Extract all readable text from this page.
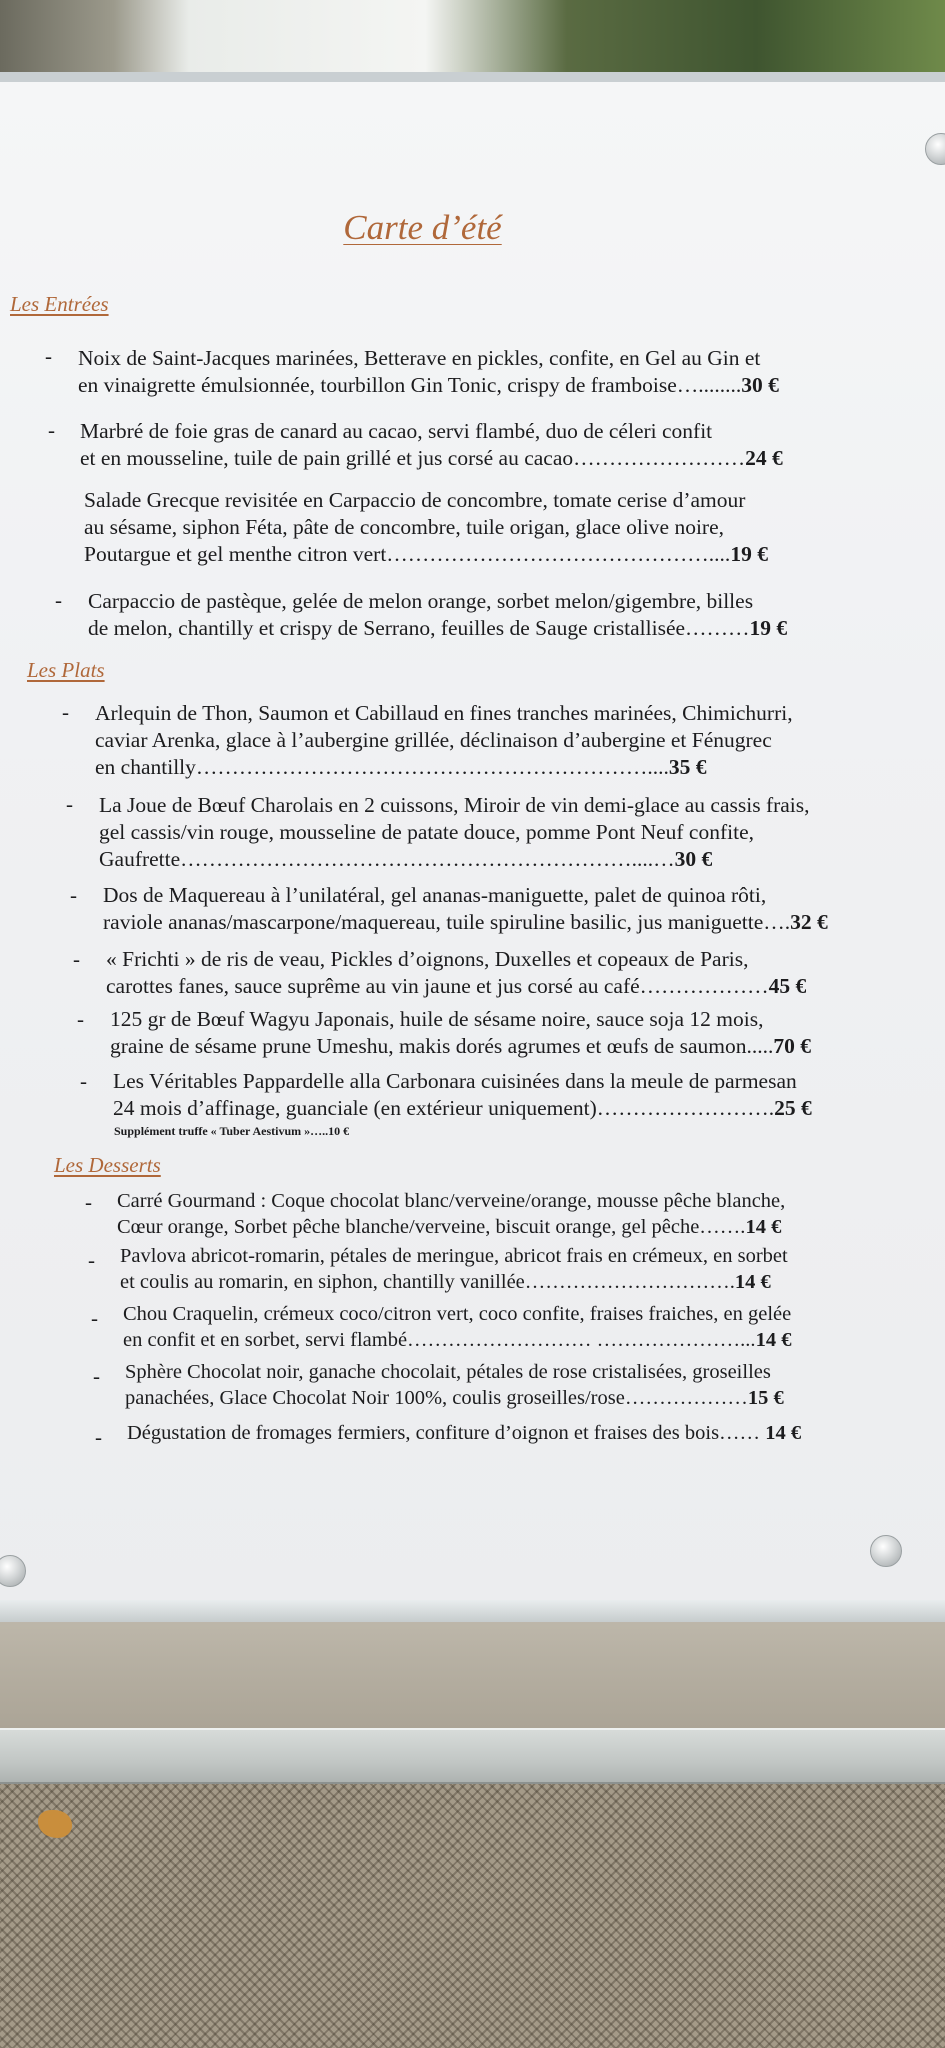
Carte d’été
Les Entrées
Les Plats
Les Desserts
- Noix de Saint-Jacques marinées, Betterave en pickles, confite, en Gel au Gin et
en vinaigrette émulsionnée, tourbillon Gin Tonic, crispy de framboise…........30 €
- Marbré de foie gras de canard au cacao, servi flambé, duo de céleri confit
et en mousseline, tuile de pain grillé et jus corsé au cacao……………………24 €
Salade Grecque revisitée en Carpaccio de concombre, tomate cerise d’amour
au sésame, siphon Féta, pâte de concombre, tuile origan, glace olive noire,
Poutargue et gel menthe citron vert………………………………………....19 €
- Carpaccio de pastèque, gelée de melon orange, sorbet melon/gigembre, billes
de melon, chantilly et crispy de Serrano, feuilles de Sauge cristallisée………19 €
- Arlequin de Thon, Saumon et Cabillaud en fines tranches marinées, Chimichurri,
caviar Arenka, glace à l’aubergine grillée, déclinaison d’aubergine et Fénugrec
en chantilly………………………………………………………....35 €
- La Joue de Bœuf Charolais en 2 cuissons, Miroir de vin demi-glace au cassis frais,
gel cassis/vin rouge, mousseline de patate douce, pomme Pont Neuf confite,
Gaufrette………………………………………………………....…30 €
- Dos de Maquereau à l’unilatéral, gel ananas-maniguette, palet de quinoa rôti,
raviole ananas/mascarpone/maquereau, tuile spiruline basilic, jus maniguette….32 €
- « Frichti » de ris de veau, Pickles d’oignons, Duxelles et copeaux de Paris,
carottes fanes, sauce suprême au vin jaune et jus corsé au café………………45 €
- 125 gr de Bœuf Wagyu Japonais, huile de sésame noire, sauce soja 12 mois,
graine de sésame prune Umeshu, makis dorés agrumes et œufs de saumon.....70 €
- Les Véritables Pappardelle alla Carbonara cuisinées dans la meule de parmesan
24 mois d’affinage, guanciale (en extérieur uniquement)…………………….25 €
Supplément truffe « Tuber Aestivum »…..10 €
- Carré Gourmand : Coque chocolat blanc/verveine/orange, mousse pêche blanche,
Cœur orange, Sorbet pêche blanche/verveine, biscuit orange, gel pêche…….14 €
- Pavlova abricot-romarin, pétales de meringue, abricot frais en crémeux, en sorbet
et coulis au romarin, en siphon, chantilly vanillée………………………….14 €
- Chou Craquelin, crémeux coco/citron vert, coco confite, fraises fraiches, en gelée
en confit et en sorbet, servi flambé……………………… …………………...14 €
- Sphère Chocolat noir, ganache chocolait, pétales de rose cristalisées, groseilles
panachées, Glace Chocolat Noir 100%, coulis groseilles/rose………………15 €
- Dégustation de fromages fermiers, confiture d’oignon et fraises des bois…… 14 €
